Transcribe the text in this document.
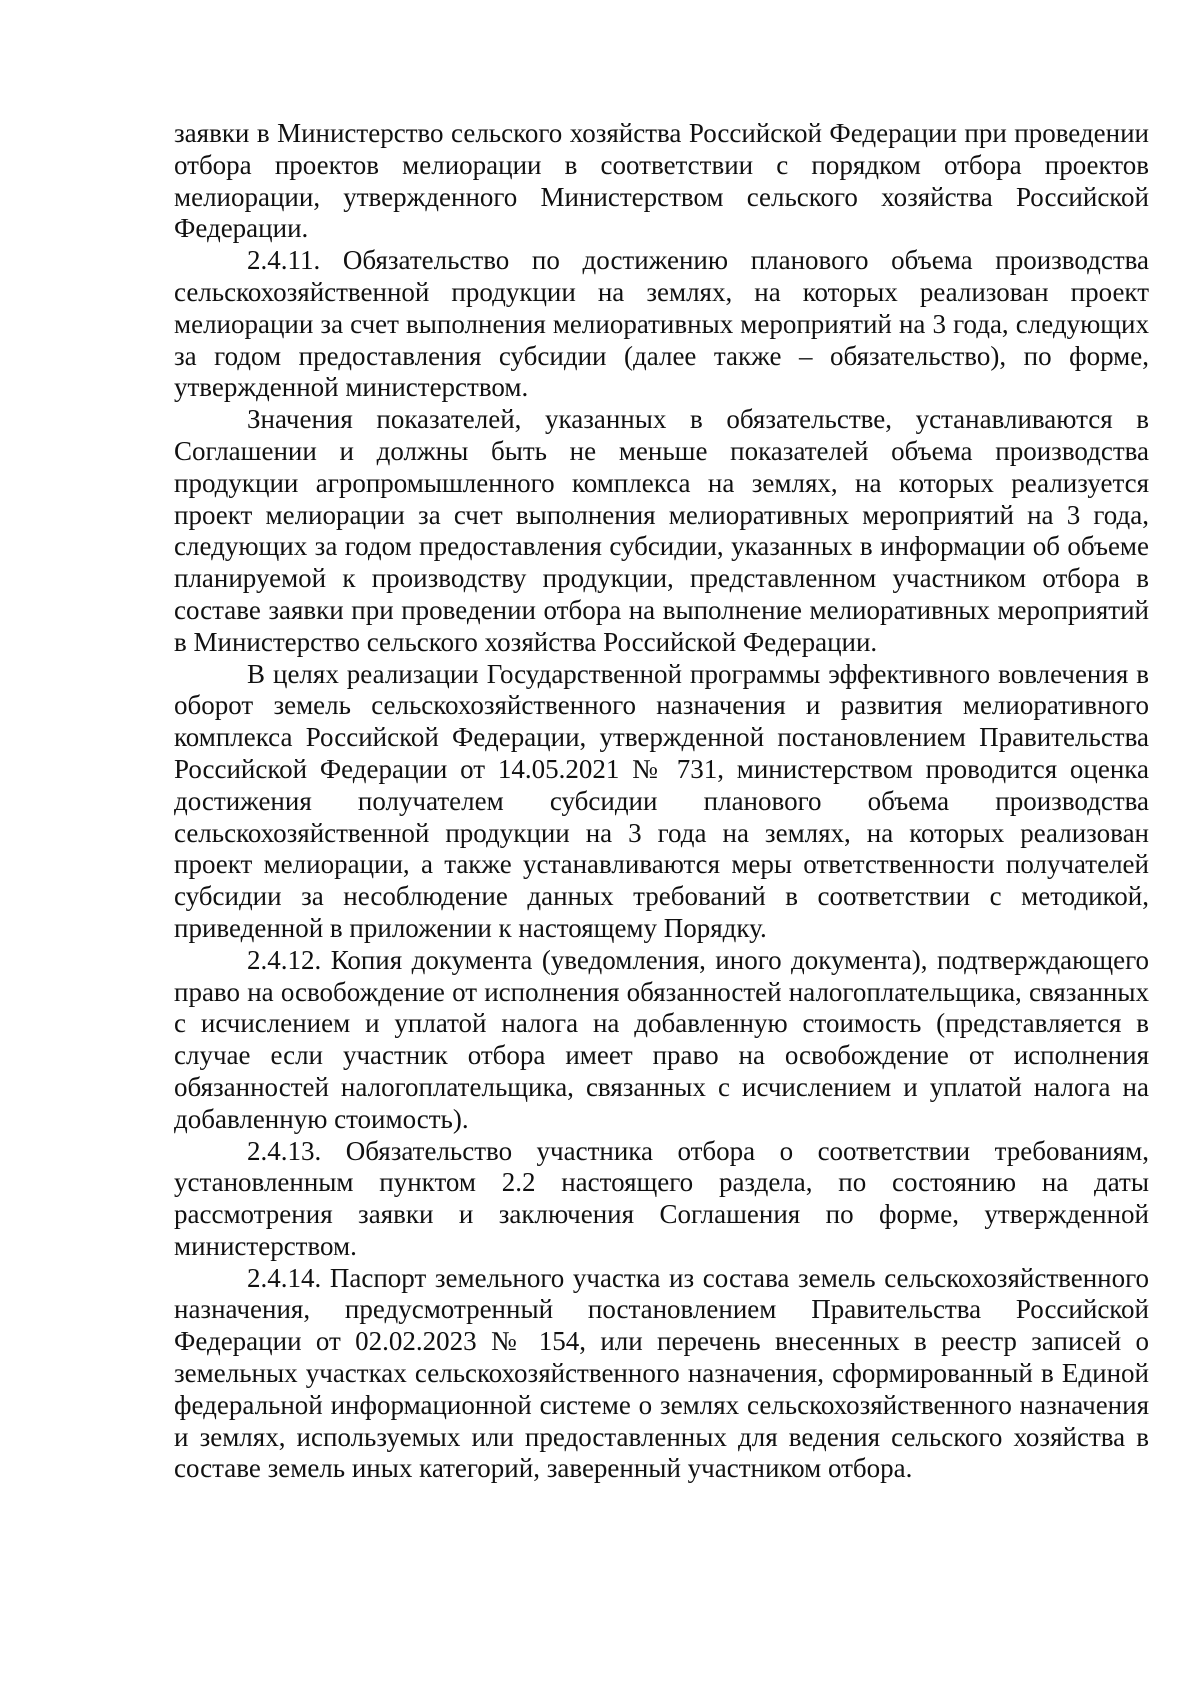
заявки в Министерство сельского хозяйства Российской Федерации при проведении отбора проектов мелиорации в соответствии с порядком отбора проектов мелиорации, утвержденного Министерством сельского хозяйства Российской Федерации.

2.4.11. Обязательство по достижению планового объема производства сельскохозяйственной продукции на землях, на которых реализован проект мелиорации за счет выполнения мелиоративных мероприятий на 3 года, следующих за годом предоставления субсидии (далее также – обязательство), по форме, утвержденной министерством.

Значения показателей, указанных в обязательстве, устанавливаются в Соглашении и должны быть не меньше показателей объема производства продукции агропромышленного комплекса на землях, на которых реализуется проект мелиорации за счет выполнения мелиоративных мероприятий на 3 года, следующих за годом предоставления субсидии, указанных в информации об объеме планируемой к производству продукции, представленном участником отбора в составе заявки при проведении отбора на выполнение мелиоративных мероприятий в Министерство сельского хозяйства Российской Федерации.

В целях реализации Государственной программы эффективного вовлечения в оборот земель сельскохозяйственного назначения и развития мелиоративного комплекса Российской Федерации, утвержденной постановлением Правительства Российской Федерации от 14.05.2021 № 731, министерством проводится оценка достижения получателем субсидии планового объема производства сельскохозяйственной продукции на 3 года на землях, на которых реализован проект мелиорации, а также устанавливаются меры ответственности получателей субсидии за несоблюдение данных требований в соответствии с методикой, приведенной в приложении к настоящему Порядку.

2.4.12. Копия документа (уведомления, иного документа), подтверждающего право на освобождение от исполнения обязанностей налогоплательщика, связанных с исчислением и уплатой налога на добавленную стоимость (представляется в случае если участник отбора имеет право на освобождение от исполнения обязанностей налогоплательщика, связанных с исчислением и уплатой налога на добавленную стоимость).

2.4.13. Обязательство участника отбора о соответствии требованиям, установленным пунктом 2.2 настоящего раздела, по состоянию на даты рассмотрения заявки и заключения Соглашения по форме, утвержденной министерством.

2.4.14. Паспорт земельного участка из состава земель сельскохозяйственного назначения, предусмотренный постановлением Правительства Российской Федерации от 02.02.2023 № 154, или перечень внесенных в реестр записей о земельных участках сельскохозяйственного назначения, сформированный в Единой федеральной информационной системе о землях сельскохозяйственного назначения и землях, используемых или предоставленных для ведения сельского хозяйства в составе земель иных категорий, заверенный участником отбора.
